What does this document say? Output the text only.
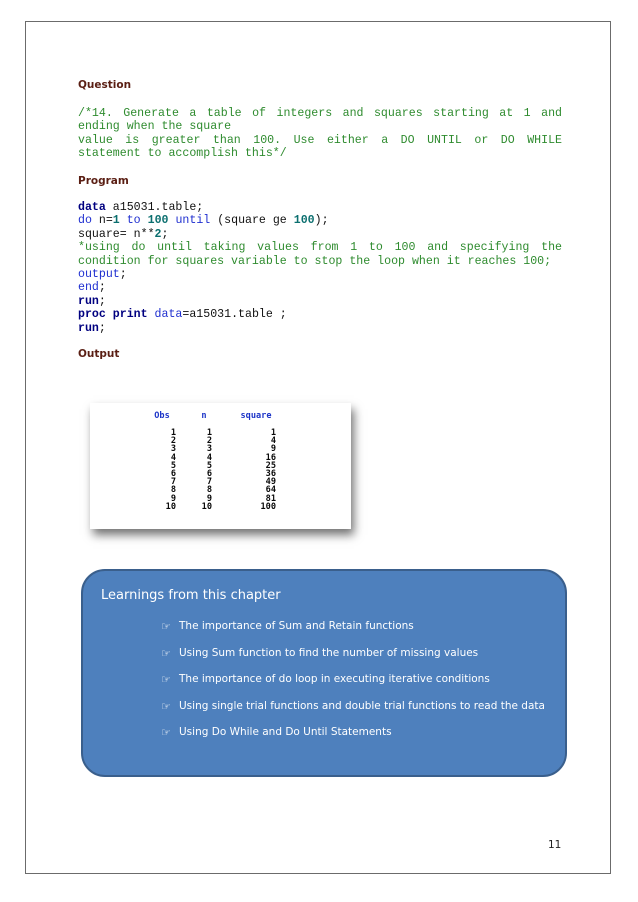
Question

/*14. Generate a table of integers and squares starting at 1 and
ending when the square
value is greater than 100. Use either a DO UNTIL or DO WHILE
statement to accomplish this*/

Program

data a15031.table;
do n=1 to 100 until (square ge 100);
square= n**2;
*using do until taking values from 1 to 100 and specifying the
condition for squares variable to stop the loop when it reaches 100;
output;
end;
run;
proc print data=a15031.table ;
run;

Output

Obs	n	square
1	1	1
2	2	4
3	3	9
4	4	16
5	5	25
6	6	36
7	7	49
8	8	64
9	9	81
10	10	100

Learnings from this chapter

☞ The importance of Sum and Retain functions
☞ Using Sum function to find the number of missing values
☞ The importance of do loop in executing iterative conditions
☞ Using single trial functions and double trial functions to read the data
☞ Using Do While and Do Until Statements

11
